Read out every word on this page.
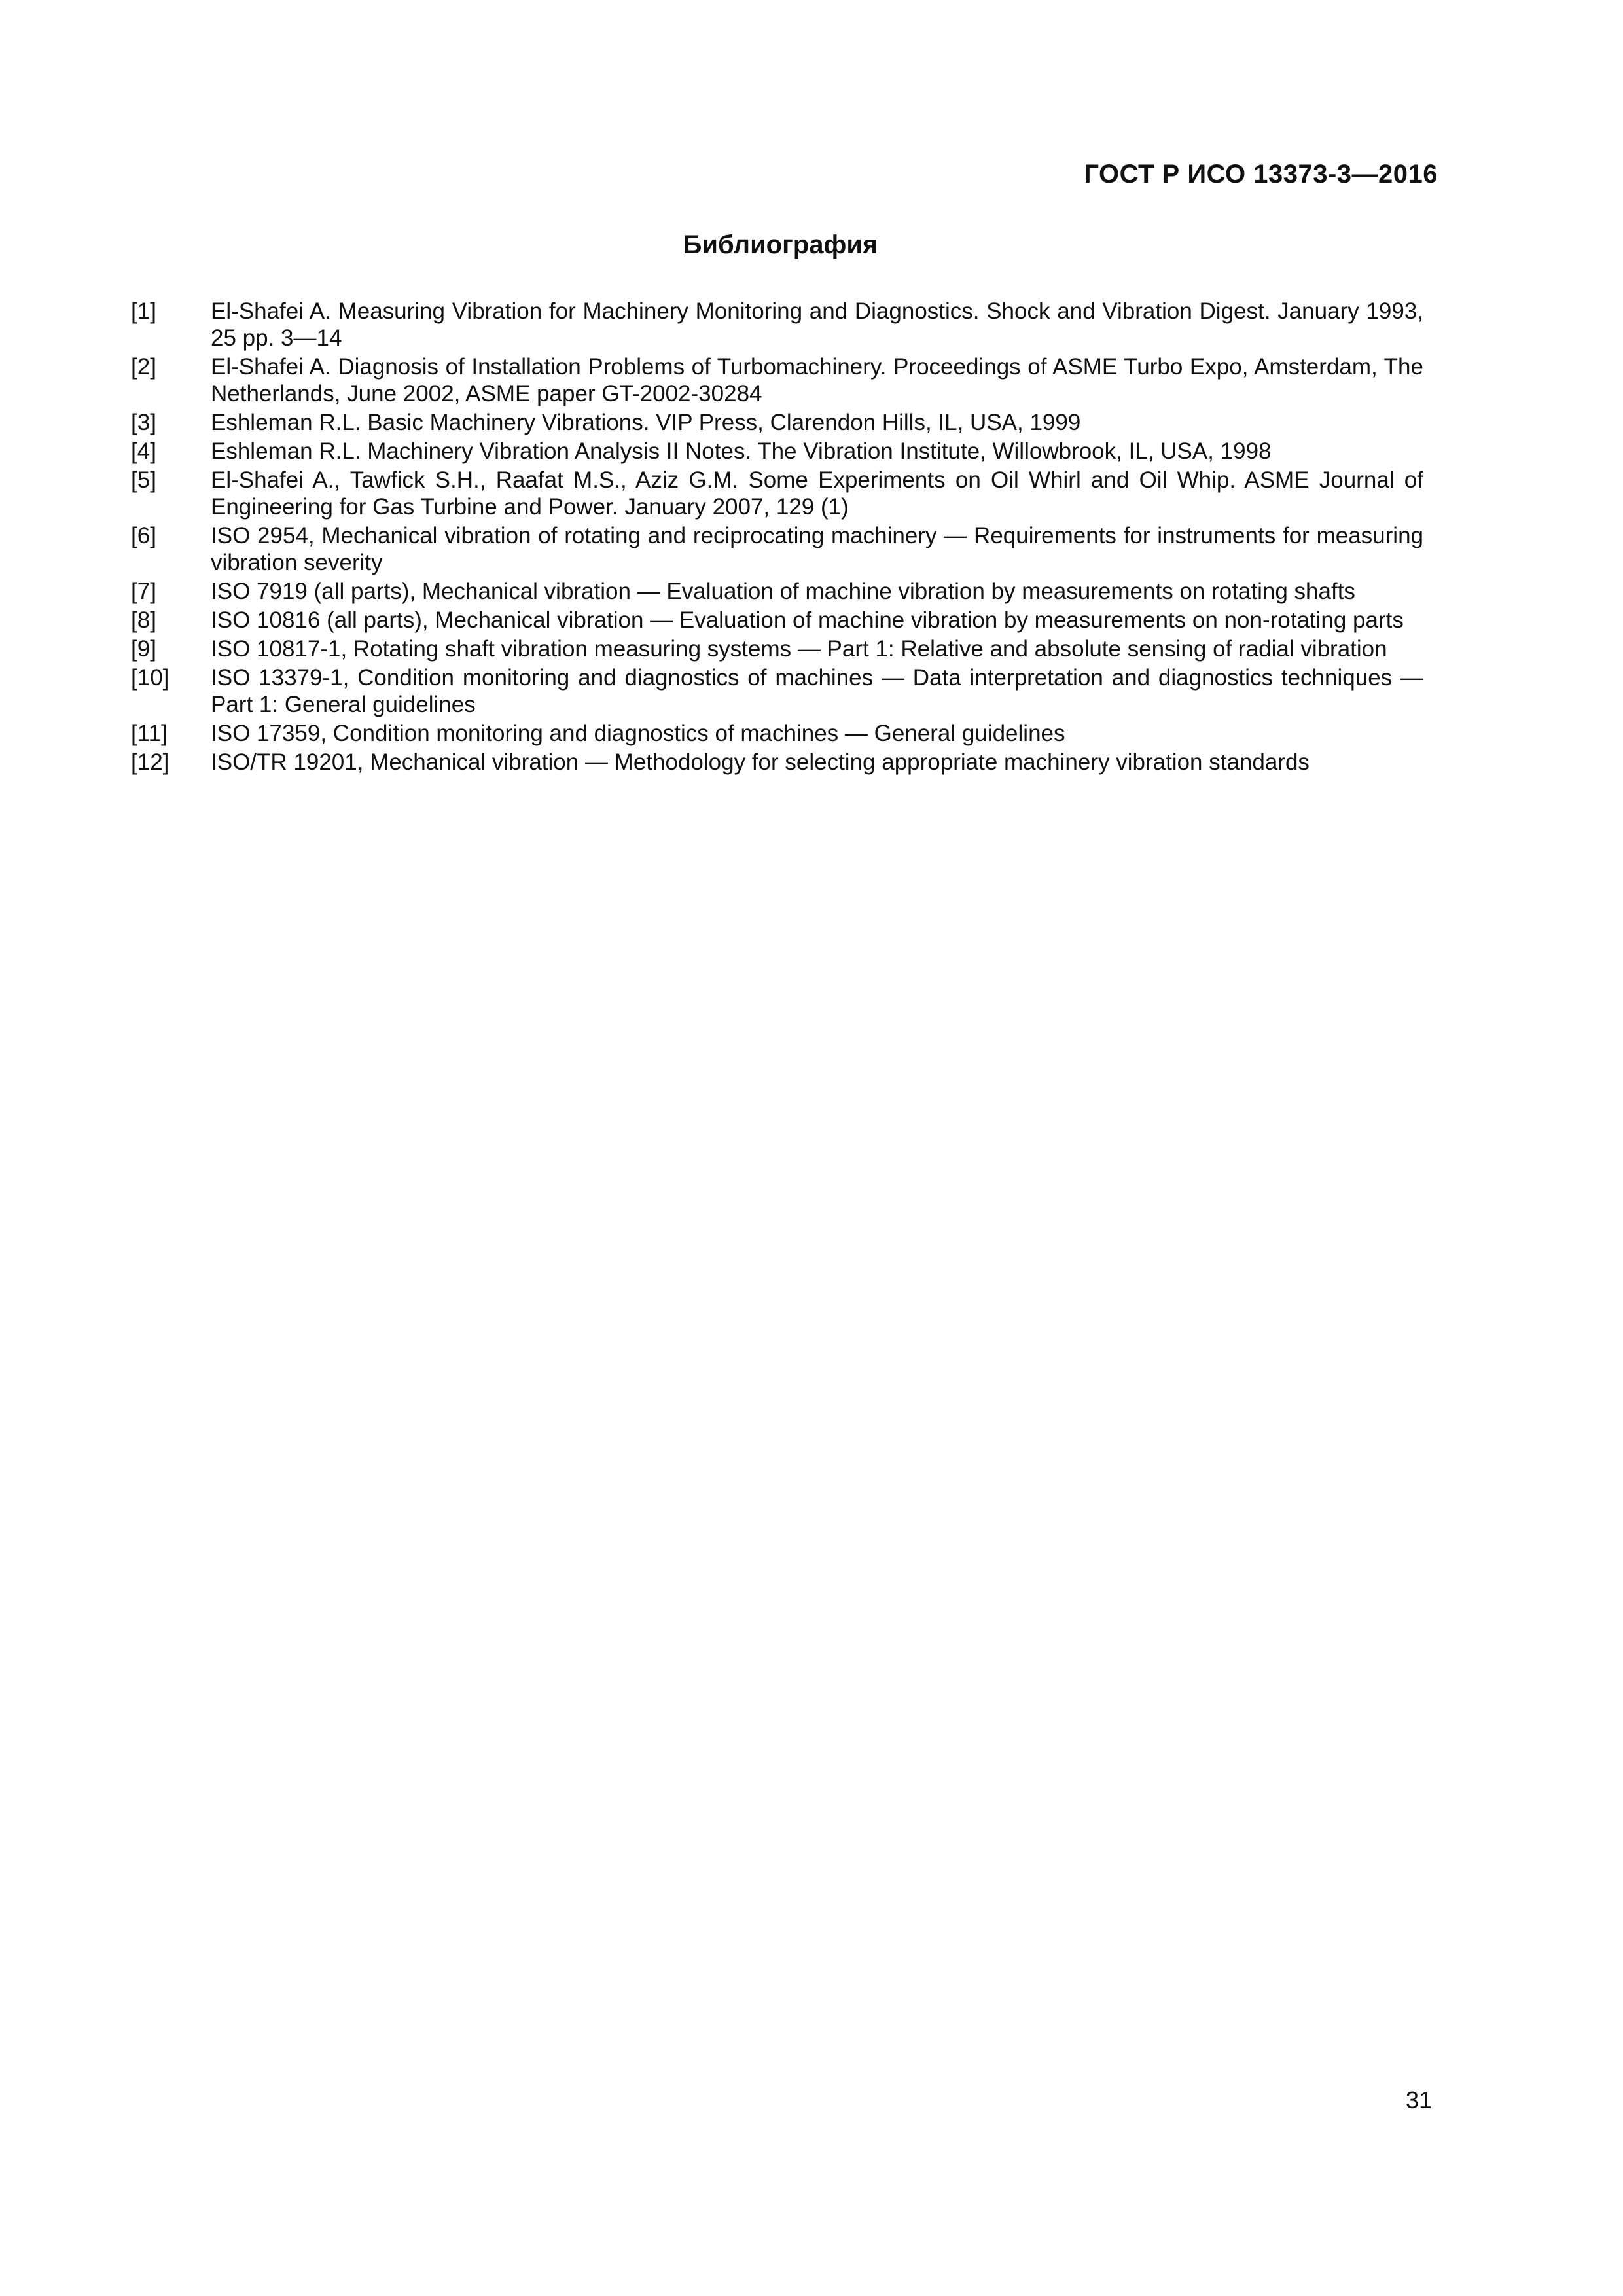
ГОСТ Р ИСО 13373-3—2016
Библиография
[1]	El-Shafei A. Measuring Vibration for Machinery Monitoring and Diagnostics. Shock and Vibration Digest. January 1993, 25 pp. 3—14
[2]	El-Shafei A. Diagnosis of Installation Problems of Turbomachinery. Proceedings of ASME Turbo Expo, Amsterdam, The Netherlands, June 2002, ASME paper GT-2002-30284
[3]	Eshleman R.L. Basic Machinery Vibrations. VIP Press, Clarendon Hills, IL, USA, 1999
[4]	Eshleman R.L. Machinery Vibration Analysis II Notes. The Vibration Institute, Willowbrook, IL, USA, 1998
[5]	El-Shafei A., Tawfick S.H., Raafat M.S., Aziz G.M. Some Experiments on Oil Whirl and Oil Whip. ASME Journal of Engineering for Gas Turbine and Power. January 2007, 129 (1)
[6]	ISO 2954, Mechanical vibration of rotating and reciprocating machinery — Requirements for instruments for measuring vibration severity
[7]	ISO 7919 (all parts), Mechanical vibration — Evaluation of machine vibration by measurements on rotating shafts
[8]	ISO 10816 (all parts), Mechanical vibration — Evaluation of machine vibration by measurements on non-rotating parts
[9]	ISO 10817-1, Rotating shaft vibration measuring systems — Part 1: Relative and absolute sensing of radial vibration
[10]	ISO 13379-1, Condition monitoring and diagnostics of machines — Data interpretation and diagnostics techniques — Part 1: General guidelines
[11]	ISO 17359, Condition monitoring and diagnostics of machines — General guidelines
[12]	ISO/TR 19201, Mechanical vibration — Methodology for selecting appropriate machinery vibration standards
31
